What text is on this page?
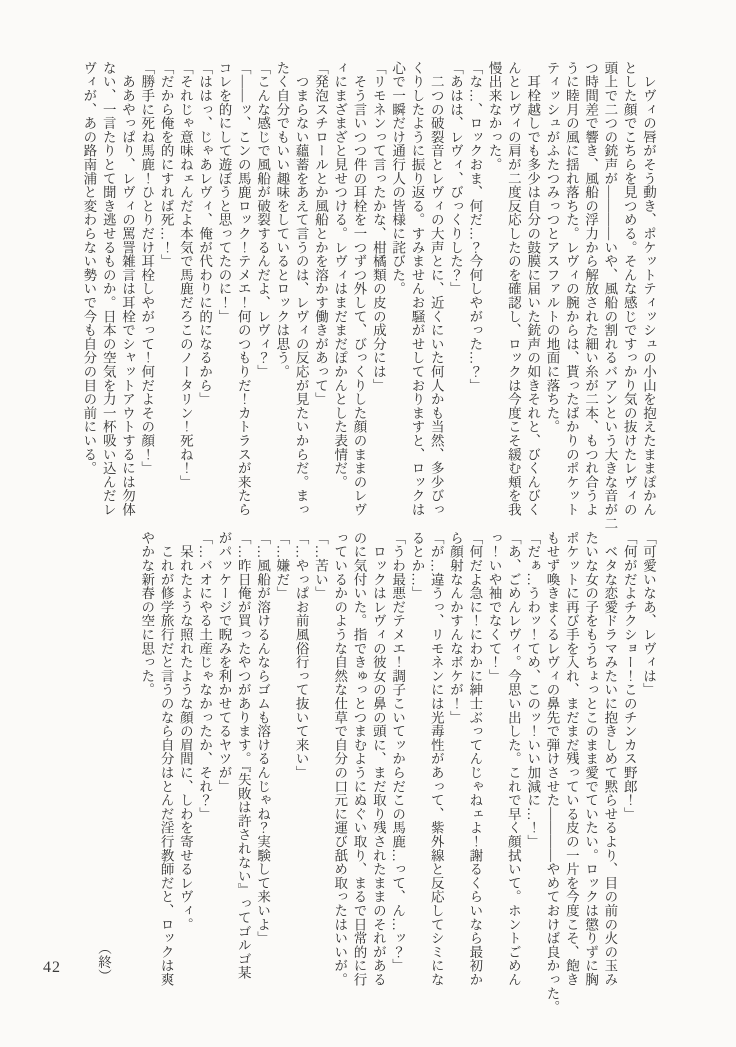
　レヴィの唇がそう動き、ポケットティッシュの小山を抱えたままぽかん
とした顔でこちらを見つめる。そんな感じですっかり気の抜けたレヴィの
頭上で二つの銃声が――――いや、風船の割れるバアンという大きな音が二
つ時間差で響き、風船の浮力から解放された細い糸が二本、もつれ合うよ
うに睦月の風に揺れ落ちた。レヴィの腕からは、貰ったばかりのポケット
ティッシュがふたつみっつとアスファルトの地面に落ちた。
　耳栓越しでも多少は自分の鼓膜に届いた銃声の如きそれと、びくんびく
んとレヴィの肩が二度反応したのを確認し、ロックは今度こそ緩む頬を我
慢出来なかった。
「な…、ロックおま、何だ…？今何しやがった…？」
「あはは、レヴィ、びっくりした？」
　二つの破裂音とレヴィの大声とに、近くにいた何人かも当然、多少びっ
くりしたように振り返る。すみませんお騒がせしておりますと、ロックは
心で一瞬だけ通行人の皆様に詫びた。
「リモネンって言ったかな、柑橘類の皮の成分には」
　そう言いつつ件の耳栓を一つずつ外して、びっくりした顔のままのレヴ
ィにまざまざと見せつける。レヴィはまだまだぽかんとした表情だ。
「発泡スチロールとか風船とかを溶かす働きがあって」
　つまらない蘊蓄をあえて言うのは、レヴィの反応が見たいからだ。まっ
たく自分でもいい趣味をしているとロックは思う。
「こんな感じで風船が破裂するんだよ、レヴィ？」
「――ッ、こンの馬鹿ロック！テメエ！何のつもりだ！カトラスが来たら
コレを的にして遊ぼうと思ってたのに！」
「ははっ、じゃあレヴィ、俺が代わりに的になるから」
「それじゃ意味ねェんだよ本気で馬鹿だろこのノータリン！死ね！」
「だから俺を的にすれば死…！」
「勝手に死ね馬鹿！ひとりだけ耳栓しやがって！何だよその顔！」
　ああやっぱり、レヴィの罵詈雑言は耳栓でシャットアウトするには勿体
ない、一言たりとて聞き逃せるものか。日本の空気を力一杯吸い込んだレ
ヴィが、あの路南浦と変わらない勢いで今も自分の目の前にいる。
「可愛いなあ、レヴィは」
「何がだよチクショー！このチンカス野郎！」
　ベタな恋愛ドラマみたいに抱きしめて黙らせるより、目の前の火の玉み
たいな女の子をもうちょっとこのまま愛でていたい。ロックは懲りずに胸
ポケットに再び手を入れ、まだまだ残っている皮の一片を今度こそ、飽き
もせず喚きまくるレヴィの鼻先で弾けさせた――――やめておけば良かった。
「だぁ…うわッ！てめ、このッ！いい加減に…！」
「あ、ごめんレヴィ。今思い出した。これで早く顔拭いて。ホントごめん
っ！いや袖でなくて！」
「何だよ急に！にわかに紳士ぶってんじゃねェよ！謝るくらいなら最初か
ら顔射なんかすんなボケが！」
「が…違うっ、リモネンには光毒性があって、紫外線と反応してシミにな
るとか…」
「うわ最悪だテメエ！調子こいてッからだこの馬鹿…って、ん…ッ？」
　ロックはレヴィの彼女の鼻の頭に、まだ取り残されたままのそれがある
のに気付いた。指できゅっとつまむようにぬぐい取り、まるで日常的に行
っているかのような自然な仕草で自分の口元に運び舐め取ったはいいが。
「…苦い」
「…やっぱお前風俗行って抜いて来い」
「…嫌だ」
「…風船が溶けるんならゴムも溶けるんじゃね？実験して来いよ」
「…昨日俺が買ったやつがあります。『失敗は許されない』ってゴルゴ某
がパッケージで睨みを利かせてるヤツが」
「…バオにやる土産じゃなかったか、それ？」
　呆れたような照れたような顔の眉間に、しわを寄せるレヴィ。
　これが修学旅行だと言うのなら自分はとんだ淫行教師だと、ロックは爽
やかな新春の空に思った。
（終）
42
